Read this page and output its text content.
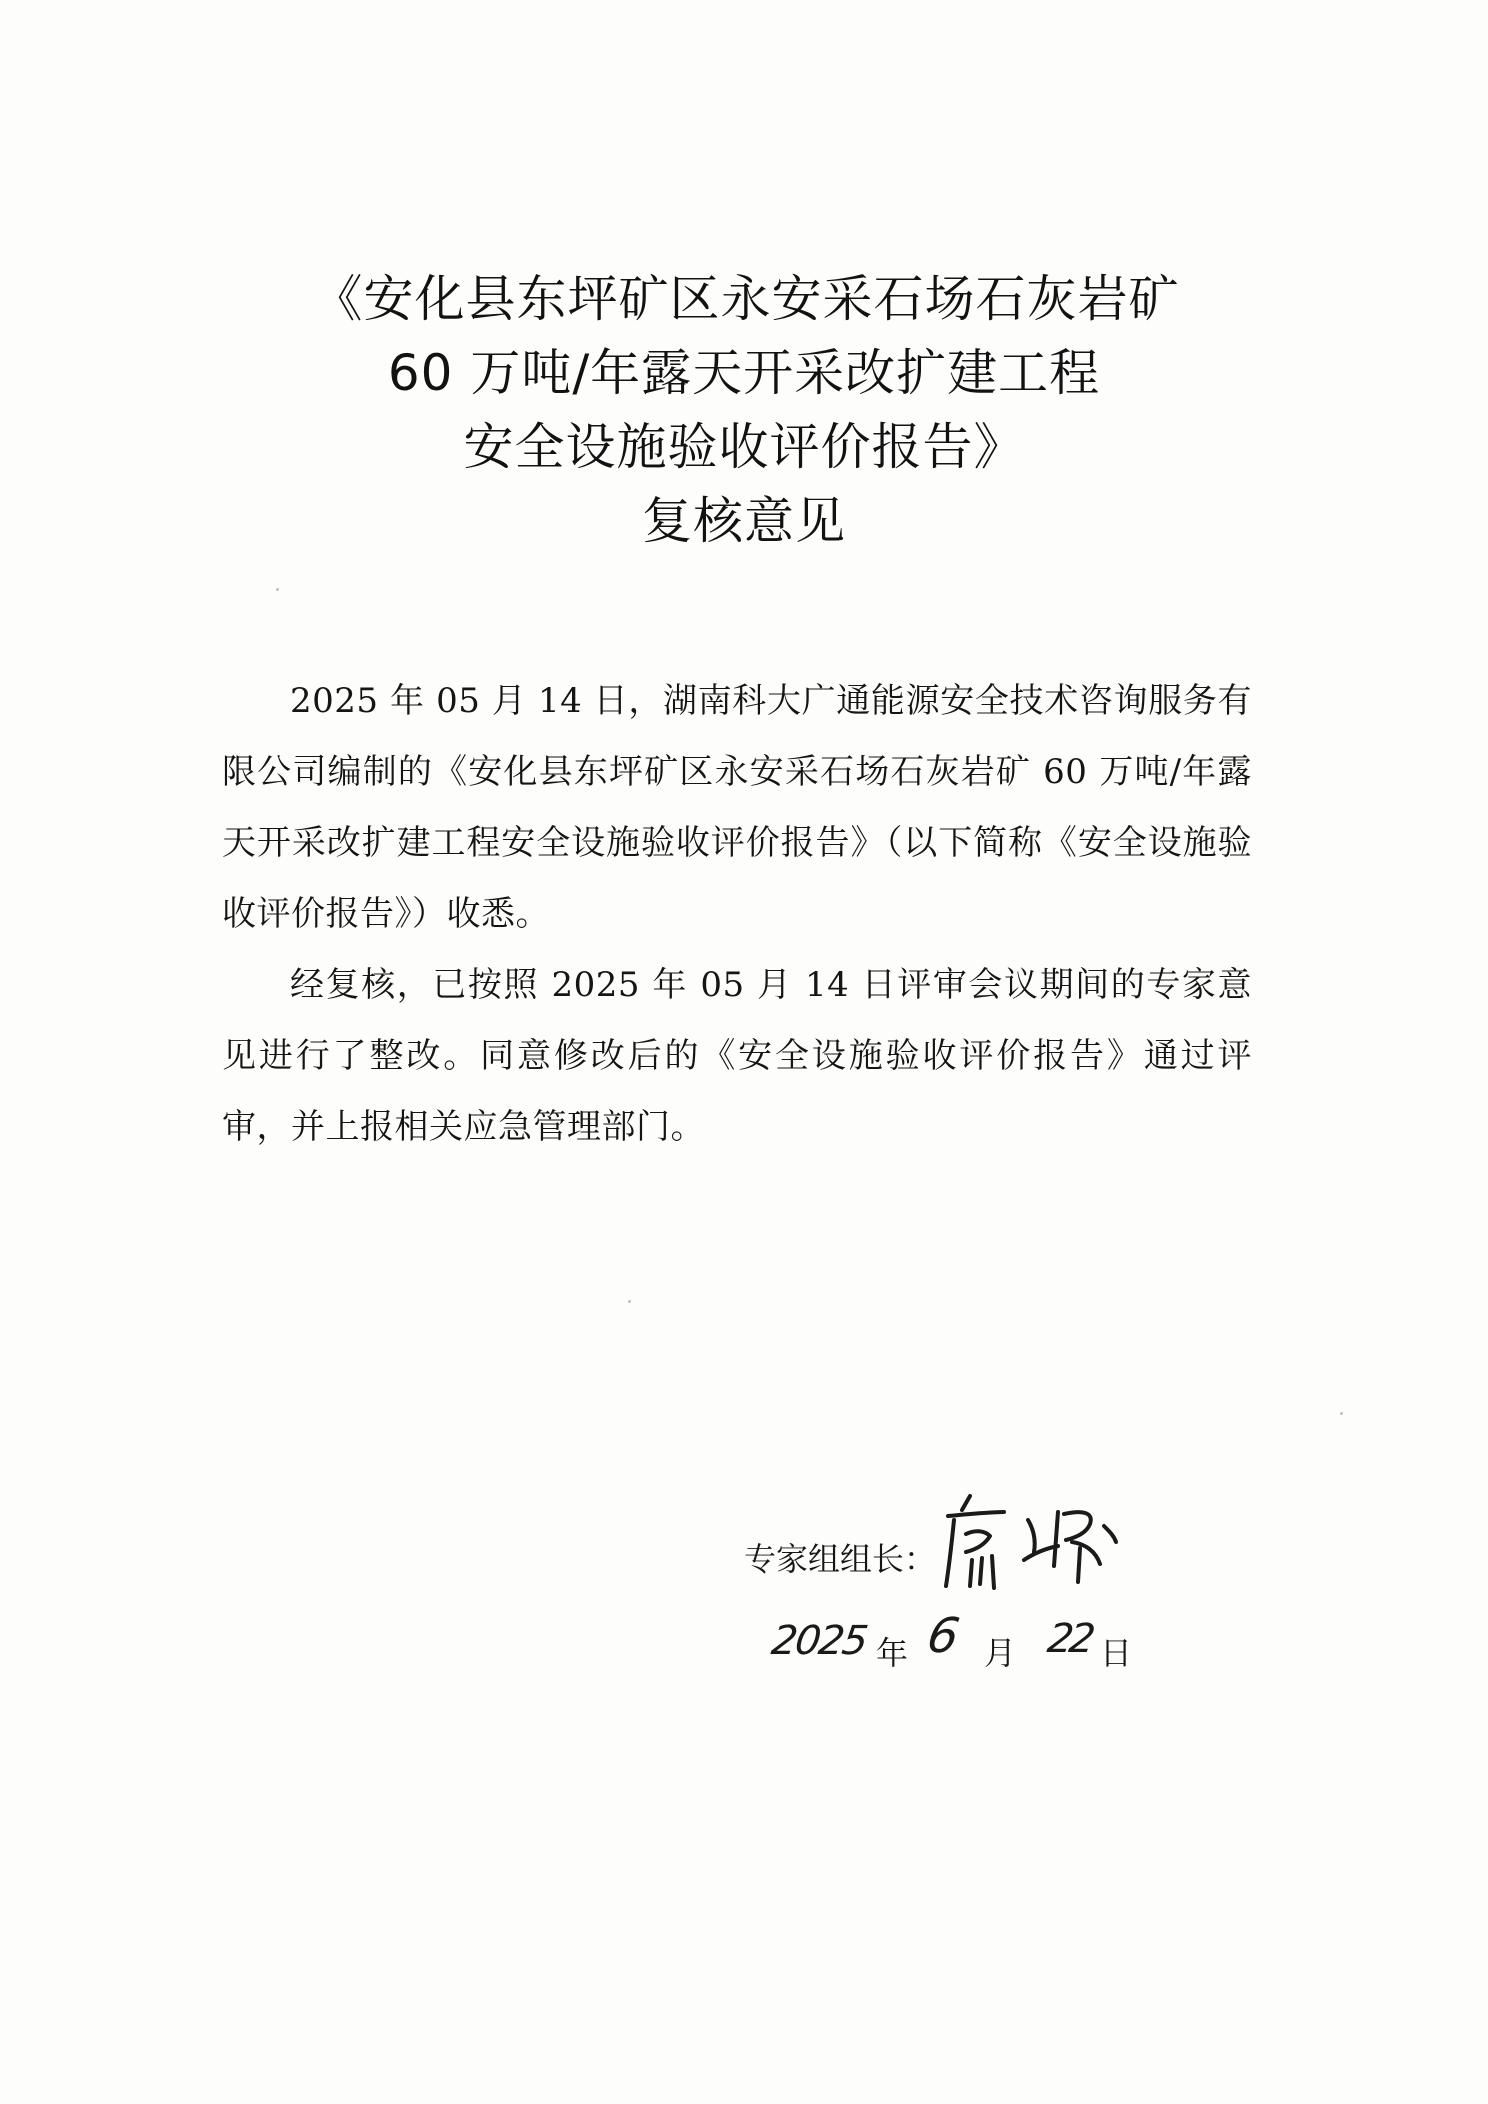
《安化县东坪矿区永安采石场石灰岩矿
60 万吨/年露天开采改扩建工程
安全设施验收评价报告》
复核意见

2025 年 05 月 14 日，湖南科大广通能源安全技术咨询服务有限公司编制的《安化县东坪矿区永安采石场石灰岩矿 60 万吨/年露天开采改扩建工程安全设施验收评价报告》（以下简称《安全设施验收评价报告》）收悉。

经复核，已按照 2025 年 05 月 14 日评审会议期间的专家意见进行了整改。同意修改后的《安全设施验收评价报告》通过评审，并上报相关应急管理部门。

专家组组长：
2025 年 6 月 22 日
